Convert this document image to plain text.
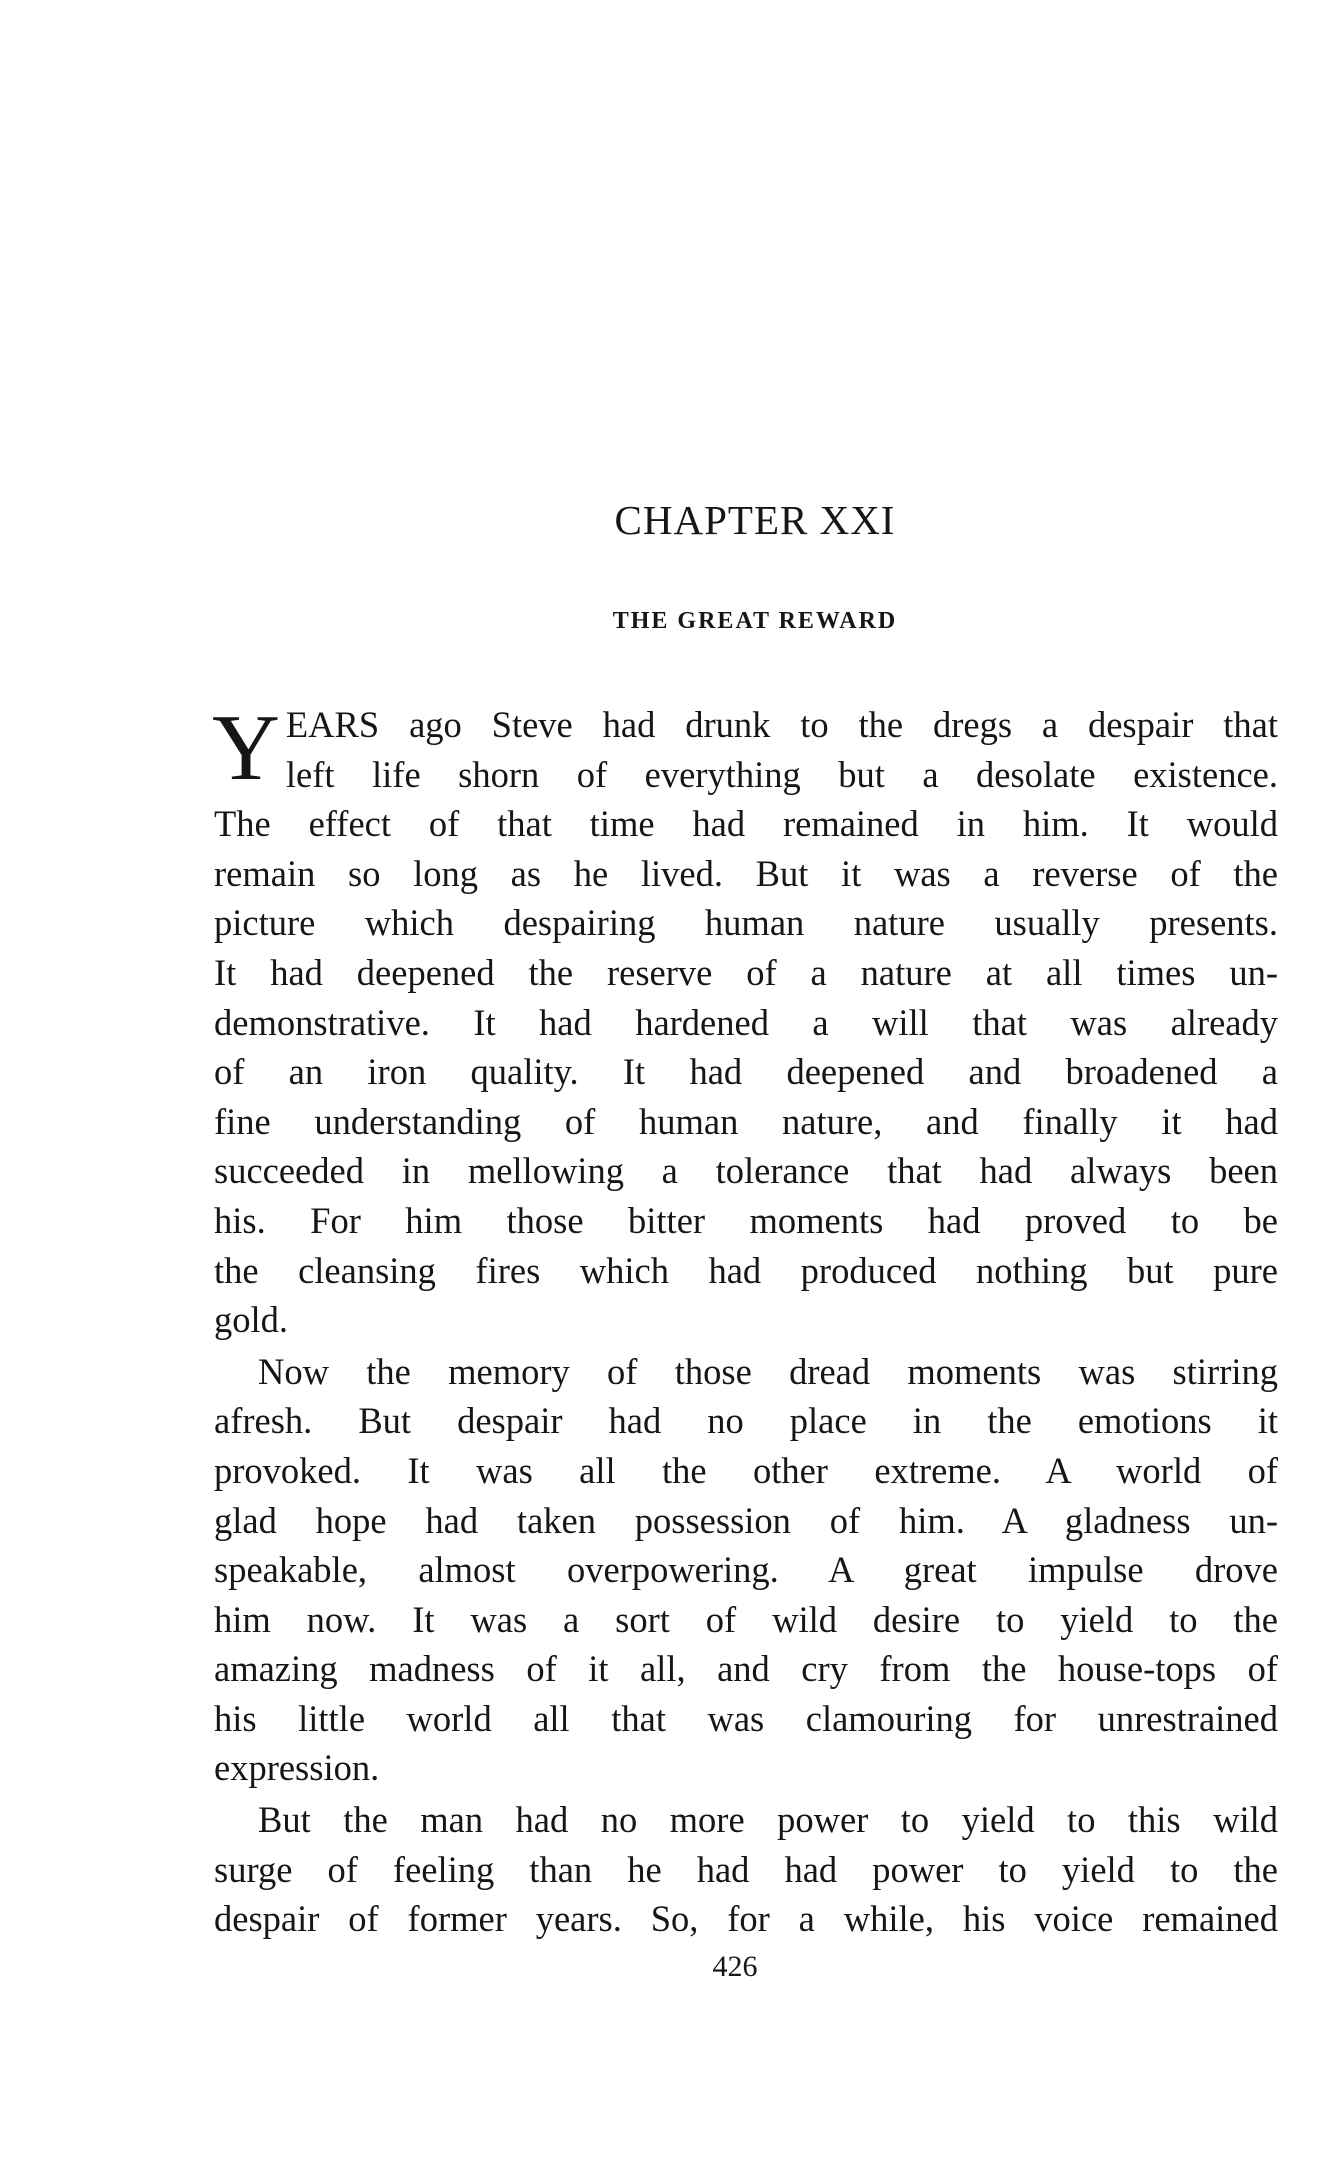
CHAPTER XXI
THE GREAT REWARD
Y EARS ago Steve had drunk to the dregs a despair that
left life shorn of everything but a desolate existence.
The effect of that time had remained in him. It would
remain so long as he lived. But it was a reverse of the
picture which despairing human nature usually presents.
It had deepened the reserve of a nature at all times un-
demonstrative. It had hardened a will that was already
of an iron quality. It had deepened and broadened a
fine understanding of human nature, and finally it had
succeeded in mellowing a tolerance that had always been
his. For him those bitter moments had proved to be
the cleansing fires which had produced nothing but pure
gold.
Now the memory of those dread moments was stirring
afresh. But despair had no place in the emotions it
provoked. It was all the other extreme. A world of
glad hope had taken possession of him. A gladness un-
speakable, almost overpowering. A great impulse drove
him now. It was a sort of wild desire to yield to the
amazing madness of it all, and cry from the house-tops of
his little world all that was clamouring for unrestrained
expression.
But the man had no more power to yield to this wild
surge of feeling than he had had power to yield to the
despair of former years. So, for a while, his voice remained
426
